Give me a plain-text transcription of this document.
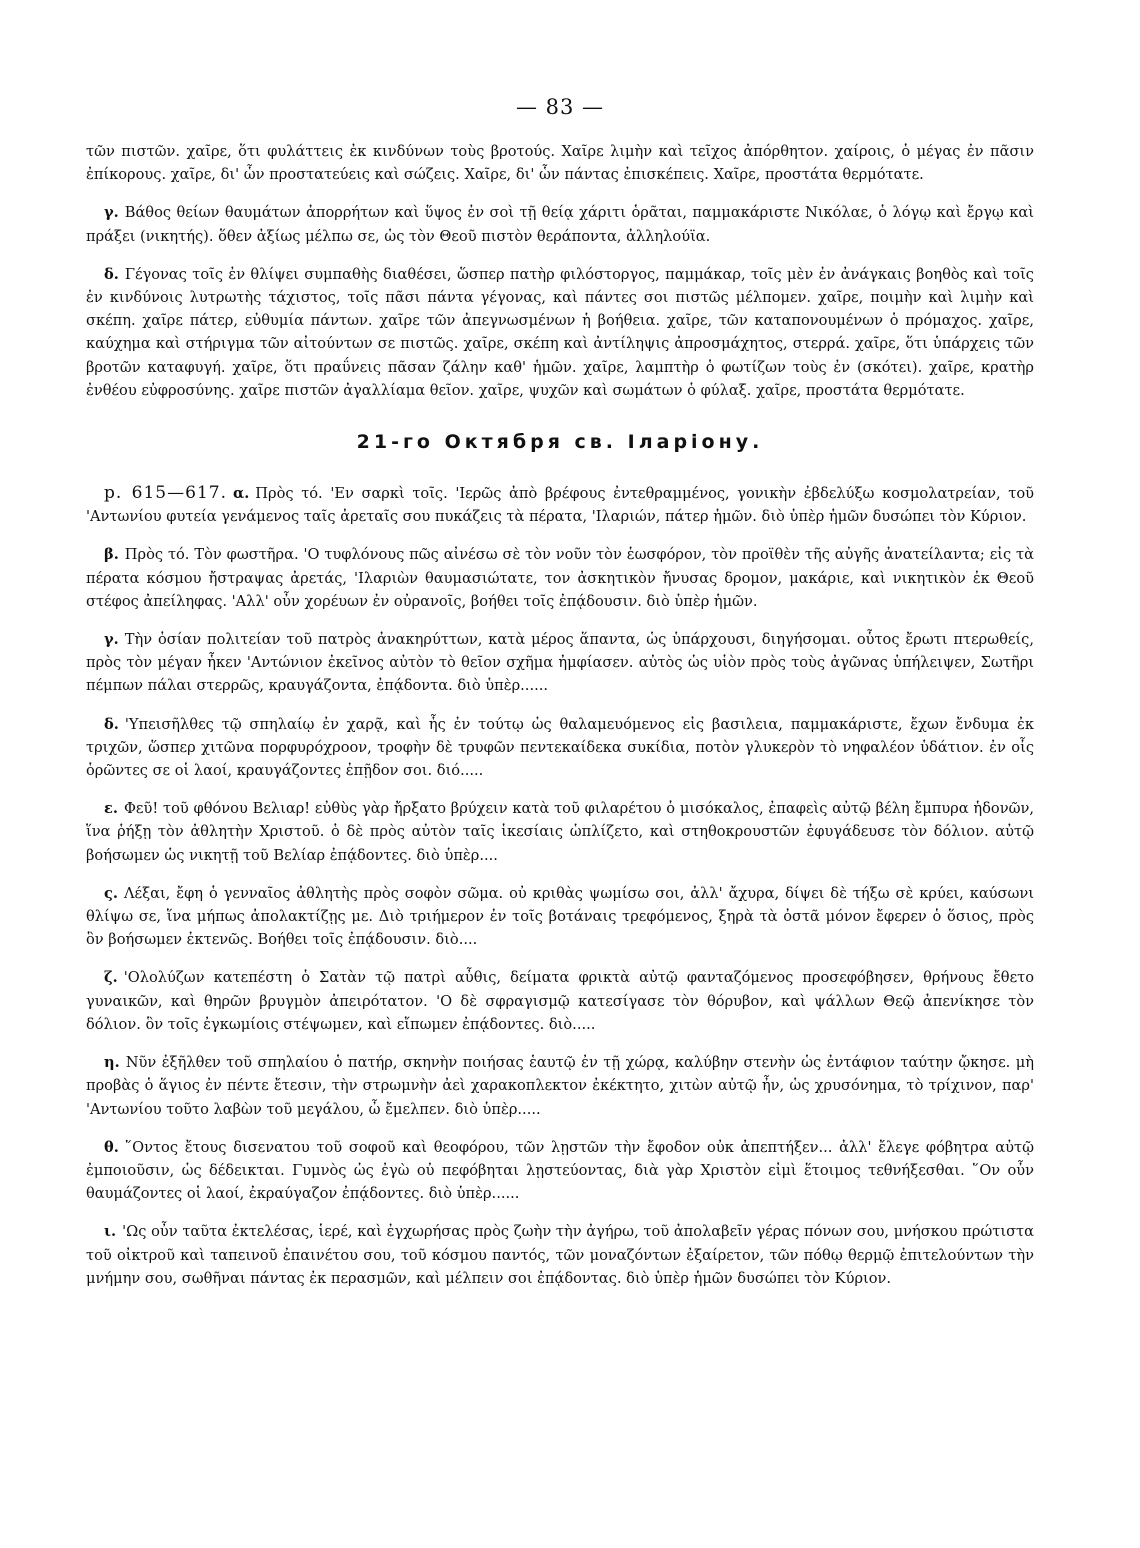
— 83 —

τῶν πιστῶν. χαῖρε, ὅτι φυλάττεις ἐκ κινδύνων τοὺς βροτούς. Χαῖρε λιμὴν καὶ τεῖχος ἀπόρθητον. χαίροις, ὁ μέγας ἐν πᾶσιν ἐπίκορους. χαῖρε, δι' ὧν προστατεύεις καὶ σώζεις. Χαῖρε, δι' ὧν πάντας ἐπισκέπεις. Χαῖρε, προστάτα θερμότατε.

γ. Βάθος θείων θαυμάτων ἀπορρήτων καὶ ὕψος ἐν σοὶ τῇ θείᾳ χάριτι ὁρᾶται, παμμακάριστε Νικόλαε, ὁ λόγῳ καὶ ἔργῳ καὶ πράξει (νικητής). ὅθεν ἀξίως μέλπω σε, ὡς τὸν Θεοῦ πιστὸν θεράποντα, ἀλληλούϊα.

δ. Γέγονας τοῖς ἐν θλίψει συμπαθὴς διαθέσει, ὥσπερ πατὴρ φιλόστοργος, παμμάκαρ, τοῖς μὲν ἐν ἀνάγκαις βοηθὸς καὶ τοῖς ἐν κινδύνοις λυτρωτὴς τάχιστος, τοῖς πᾶσι πάντα γέγονας, καὶ πάντες σοι πιστῶς μέλπομεν. χαῖρε, ποιμὴν καὶ λιμὴν καὶ σκέπη. χαῖρε πάτερ, εὐθυμία πάντων. χαῖρε τῶν ἀπεγνωσμένων ἡ βοήθεια. χαῖρε, τῶν καταπονουμένων ὁ πρόμαχος. χαῖρε, καύχημα καὶ στήριγμα τῶν αἰτούντων σε πιστῶς. χαῖρε, σκέπη καὶ ἀντίληψις ἀπροσμάχητος, στερρά. χαῖρε, ὅτι ὑπάρχεις τῶν βροτῶν καταφυγή. χαῖρε, ὅτι πραΰνεις πᾶσαν ζάλην καθ' ἡμῶν. χαῖρε, λαμπτὴρ ὁ φωτίζων τοὺς ἐν (σκότει). χαῖρε, κρατὴρ ἐνθέου εὐφροσύνης. χαῖρε πιστῶν ἀγαλλίαμα θεῖον. χαῖρε, ψυχῶν καὶ σωμάτων ὁ φύλαξ. χαῖρε, προστάτα θερμότατε.

21-го Октября св. Іларіону.

p. 615—617. α. Πρὸς τό. 'Εν σαρκὶ τοῖς. 'Ιερῶς ἀπὸ βρέφους ἐντεθραμμένος, γονικὴν ἐβδελύξω κοσμολατρείαν, τοῦ 'Αντωνίου φυτεία γενάμενος ταῖς ἀρεταῖς σου πυκάζεις τὰ πέρατα, 'Ιλαριών, πάτερ ἡμῶν. διὸ ὑπὲρ ἡμῶν δυσώπει τὸν Κύριον.

β. Πρὸς τό. Τὸν φωστῆρα. 'Ο τυφλόνους πῶς αἰνέσω σὲ τὸν νοῦν τὸν ἑωσφόρον, τὸν προϊθὲν τῆς αὐγῆς ἀνατείλαντα; εἰς τὰ πέρατα κόσμου ἤστραψας ἀρετάς, 'Ιλαριὼν θαυμασιώτατε, τον ἀσκητικὸν ἤνυσας δρομον, μακάριε, καὶ νικητικὸν ἐκ Θεοῦ στέφος ἀπείληφας. 'Αλλ' οὖν χορέυων ἐν οὐρανοῖς, βοήθει τοῖς ἐπᾴδουσιν. διὸ ὑπὲρ ἡμῶν.

γ. Τὴν ὁσίαν πολιτείαν τοῦ πατρὸς ἀνακηρύττων, κατὰ μέρος ἅπαντα, ὡς ὑπάρχουσι, διηγήσομαι. οὗτος ἔρωτι πτερωθείς, πρὸς τὸν μέγαν ἧκεν 'Αντώνιον ἐκεῖνος αὐτὸν τὸ θεῖον σχῆμα ἠμφίασεν. αὐτὸς ὡς υἱὸν πρὸς τοὺς ἀγῶνας ὑπήλειψεν, Σωτῆρι πέμπων πάλαι στερρῶς, κραυγάζοντα, ἐπᾴδοντα. διὸ ὑπὲρ......

δ. 'Υπεισῆλθες τῷ σπηλαίῳ ἐν χαρᾷ, καὶ ἧς ἐν τούτῳ ὡς θαλαμευόμενος εἰς βασιλεια, παμμακάριστε, ἔχων ἔνδυμα ἐκ τριχῶν, ὥσπερ χιτῶνα πορφυρόχροον, τροφὴν δὲ τρυφῶν πεντεκαίδεκα συκίδια, ποτὸν γλυκερὸν τὸ νηφαλέον ὑδάτιον. ἐν οἷς ὁρῶντες σε οἱ λαοί, κραυγάζοντες ἐπῇδον σοι. διό.....

ε. Φεῦ! τοῦ φθόνου Βελιαρ! εὐθὺς γὰρ ἤρξατο βρύχειν κατὰ τοῦ φιλαρέτου ὁ μισόκαλος, ἐπαφεὶς αὐτῷ βέλη ἔμπυρα ἡδονῶν, ἵνα ῥήξῃ τὸν ἀθλητὴν Χριστοῦ. ὁ δὲ πρὸς αὐτὸν ταῖς ἱκεσίαις ὡπλίζετο, καὶ στηθοκρουστῶν ἐφυγάδευσε τὸν δόλιον. αὐτῷ βοήσωμεν ὡς νικητῇ τοῦ Βελίαρ ἐπᾴδοντες. διὸ ὑπὲρ....

ς. Λέξαι, ἔφη ὁ γενναῖος ἀθλητὴς πρὸς σοφὸν σῶμα. οὐ κριθὰς ψωμίσω σοι, ἀλλ' ἄχυρα, δίψει δὲ τήξω σὲ κρύει, καύσωνι θλίψω σε, ἵνα μήπως ἀπολακτίζῃς με. Διὸ τριήμερον ἐν τοῖς βοτάναις τρεφόμενος, ξηρὰ τὰ ὀστᾶ μόνον ἔφερεν ὁ ὅσιος, πρὸς ὃν βοήσωμεν ἐκτενῶς. Βοήθει τοῖς ἐπᾴδουσιν. διὸ....

ζ. 'Ολολύζων κατεπέστη ὁ Σατὰν τῷ πατρὶ αὖθις, δείματα φρικτὰ αὐτῷ φανταζόμενος προσεφόβησεν, θρήνους ἔθετο γυναικῶν, καὶ θηρῶν βρυγμὸν ἀπειρότατον. 'Ο δὲ σφραγισμῷ κατεσίγασε τὸν θόρυβον, καὶ ψάλλων Θεῷ ἀπενίκησε τὸν δόλιον. ὃν τοῖς ἐγκωμίοις στέψωμεν, καὶ εἴπωμεν ἐπᾴδοντες. διὸ.....

η. Νῦν ἐξῆλθεν τοῦ σπηλαίου ὁ πατήρ, σκηνὴν ποιήσας ἑαυτῷ ἐν τῇ χώρᾳ, καλύβην στενὴν ὡς ἐντάφιον ταύτην ᾤκησε. μὴ προβὰς ὁ ἅγιος ἐν πέντε ἔτεσιν, τὴν στρωμνὴν ἀεὶ χαρακοπλεκτον ἐκέκτητο, χιτὼν αὐτῷ ἦν, ὡς χρυσόνημα, τὸ τρίχινον, παρ' 'Αντωνίου τοῦτο λαβὼν τοῦ μεγάλου, ὦ ἔμελπεν. διὸ ὑπὲρ.....

θ. ῞Οντος ἔτους δισενατου τοῦ σοφοῦ καὶ θεοφόρου, τῶν λῃστῶν τὴν ἔφοδον οὐκ ἀπεπτήξεν... ἀλλ' ἔλεγε φόβητρα αὐτῷ ἐμποιοῦσιν, ὡς δέδεικται. Γυμνὸς ὡς ἐγὼ οὐ πεφόβηται λῃστεύοντας, διὰ γὰρ Χριστὸν εἰμὶ ἕτοιμος τεθνήξεσθαι. ῞Ον οὖν θαυμάζοντες οἱ λαοί, ἐκραύγαζον ἐπᾴδοντες. διὸ ὑπὲρ......

ι. 'Ως οὖν ταῦτα ἐκτελέσας, ἱερέ, καὶ ἐγχωρήσας πρὸς ζωὴν τὴν ἀγήρω, τοῦ ἀπολαβεῖν γέρας πόνων σου, μνήσκου πρώτιστα τοῦ οἰκτροῦ καὶ ταπεινοῦ ἐπαινέτου σου, τοῦ κόσμου παντός, τῶν μοναζόντων ἐξαίρετον, τῶν πόθῳ θερμῷ ἐπιτελούντων τὴν μνήμην σου, σωθῆναι πάντας ἐκ περασμῶν, καὶ μέλπειν σοι ἐπᾴδοντας. διὸ ὑπὲρ ἡμῶν δυσώπει τὸν Κύριον.
